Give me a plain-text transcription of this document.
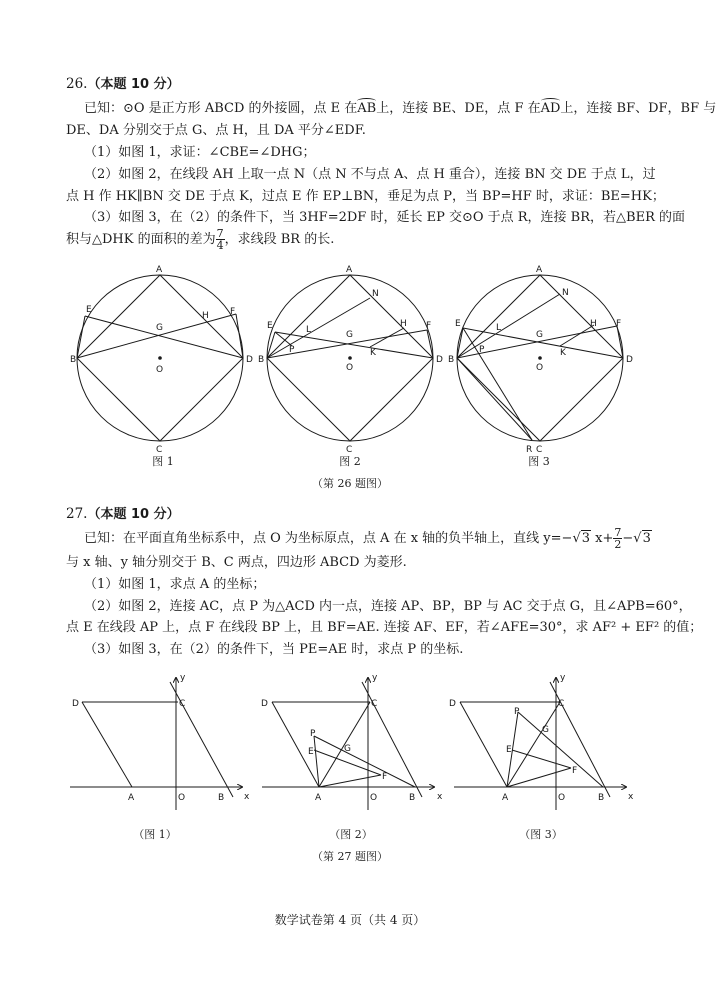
26.（本题 10 分）
已知：⊙O 是正方形 ABCD 的外接圆，点 E 在AB上，连接 BE、DE，点 F 在AD上，连接 BF、DF，BF 与
DE、DA 分别交于点 G、点 H，且 DA 平分∠EDF.
（1）如图 1，求证：∠CBE=∠DHG；
（2）如图 2，在线段 AH 上取一点 N（点 N 不与点 A、点 H 重合），连接 BN 交 DE 于点 L，过
点 H 作 HK∥BN 交 DE 于点 K，过点 E 作 EP⊥BN，垂足为点 P，当 BP=HF 时，求证：BE=HK；
（3）如图 3，在（2）的条件下，当 3HF=2DF 时，延长 EP 交⊙O 于点 R，连接 BR，若△BER 的面
积与△DHK 的面积的差为 $\frac{7}{4}$ ，求线段 BR 的长.
A
B
C
D
E	F
G
H
O
A
B
C
D
E	F
G
H
N
L
K
P
O
A
B
C
D
E	F
G
H
N
L
K
P
R
O
图 1	图 2	图 3
（第 26 题图）
27.（本题 10 分）
已知：在平面直角坐标系中，点 O 为坐标原点，点 A 在 x 轴的负半轴上，直线 y=−√3 $x+ \frac{7}{2} -√3$
与 x 轴、y 轴分别交于 B、C 两点，四边形 ABCD 为菱形.
（1）如图 1，求点 A 的坐标；
（2）如图 2，连接 AC，点 P 为△ACD 内一点，连接 AP、BP，BP 与 AC 交于点 G，且∠APB=60°，
点 E 在线段 AP 上，点 F 在线段 BP 上，且 BF=AE. 连接 AF、EF，若∠AFE=30°，求 AF² + EF² 的值；
（3）如图 3，在（2）的条件下，当 PE=AE 时，求点 P 的坐标.
D	C
A	O	B x
y
D	C
A	O	B x
y
P
E	G
F
D	C
A	O	B	x
y
P
E
G
F
（图 1）	（图 2）	（图 3）
（第 27 题图）
数学试卷第 4 页（共 4 页）
